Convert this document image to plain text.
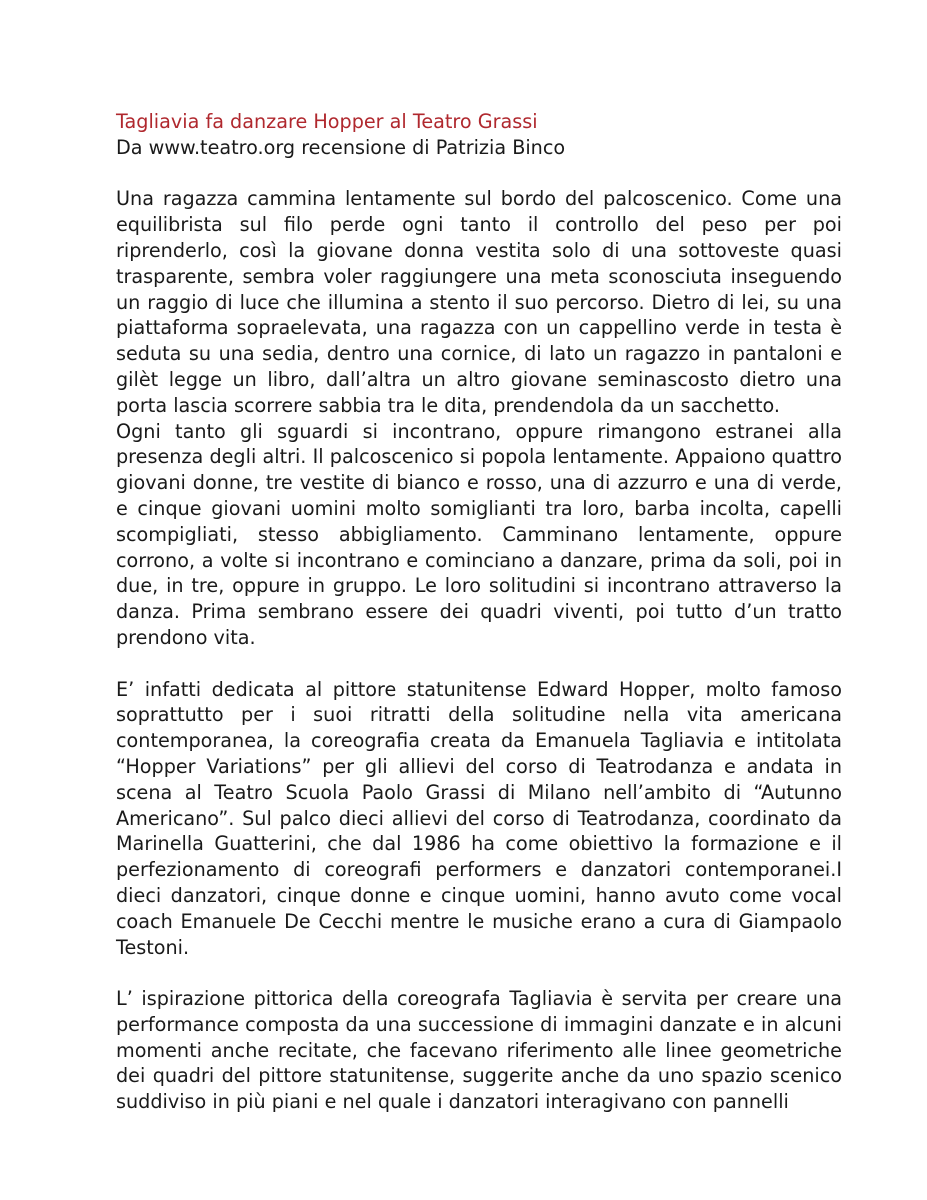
Tagliavia fa danzare Hopper al Teatro Grassi
Da www.teatro.org recensione di Patrizia Binco

Una ragazza cammina lentamente sul bordo del palcoscenico. Come una equilibrista sul filo perde ogni tanto il controllo del peso per poi riprenderlo, così la giovane donna vestita solo di una sottoveste quasi trasparente, sembra voler raggiungere una meta sconosciuta inseguendo un raggio di luce che illumina a stento il suo percorso. Dietro di lei, su una piattaforma sopraelevata, una ragazza con un cappellino verde in testa è seduta su una sedia, dentro una cornice, di lato un ragazzo in pantaloni e gilèt legge un libro, dall’altra un altro giovane seminascosto dietro una porta lascia scorrere sabbia tra le dita, prendendola da un sacchetto.

Ogni tanto gli sguardi si incontrano, oppure rimangono estranei alla presenza degli altri. Il palcoscenico si popola lentamente. Appaiono quattro giovani donne, tre vestite di bianco e rosso, una di azzurro e una di verde, e cinque giovani uomini molto somiglianti tra loro, barba incolta, capelli scompigliati, stesso abbigliamento. Camminano lentamente, oppure corrono, a volte si incontrano e cominciano a danzare, prima da soli, poi in due, in tre, oppure in gruppo. Le loro solitudini si incontrano attraverso la danza. Prima sembrano essere dei quadri viventi, poi tutto d’un tratto prendono vita.

E’ infatti dedicata al pittore statunitense Edward Hopper, molto famoso soprattutto per i suoi ritratti della solitudine nella vita americana contemporanea, la coreografia creata da Emanuela Tagliavia e intitolata “Hopper Variations” per gli allievi del corso di Teatrodanza e andata in scena al Teatro Scuola Paolo Grassi di Milano nell’ambito di “Autunno Americano”. Sul palco dieci allievi del corso di Teatrodanza, coordinato da Marinella Guatterini, che dal 1986 ha come obiettivo la formazione e il perfezionamento di coreografi performers e danzatori contemporanei.I dieci danzatori, cinque donne e cinque uomini, hanno avuto come vocal coach Emanuele De Cecchi mentre le musiche erano a cura di Giampaolo Testoni.

L’ ispirazione pittorica della coreografa Tagliavia è servita per creare una performance composta da una successione di immagini danzate e in alcuni momenti anche recitate, che facevano riferimento alle linee geometriche dei quadri del pittore statunitense, suggerite anche da uno spazio scenico suddiviso in più piani e nel quale i danzatori interagivano con pannelli
